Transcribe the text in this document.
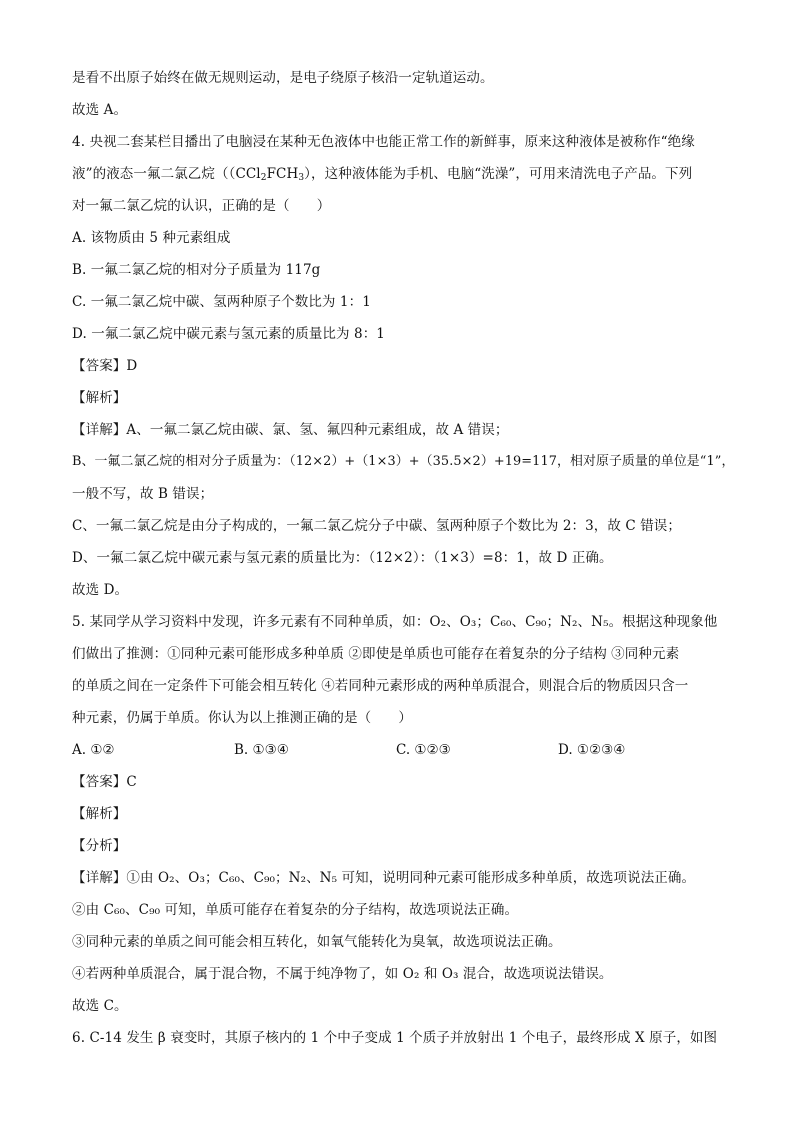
是看不出原子始终在做无规则运动，是电子绕原子核沿一定轨道运动。
故选 A。
4. 央视二套某栏目播出了电脑浸在某种无色液体中也能正常工作的新鲜事，原来这种液体是被称作“绝缘
液”的液态一氟二氯乙烷（$(CCl_2FCH_3)$，这种液体能为手机、电脑“洗澡”，可用来清洗电子产品。下列
对一氟二氯乙烷的认识，正确的是（　　）
A. 该物质由 5 种元素组成
B. 一氟二氯乙烷的相对分子质量为 117g
C. 一氟二氯乙烷中碳、氢两种原子个数比为 1：1
D. 一氟二氯乙烷中碳元素与氢元素的质量比为 8：1
【答案】D
【解析】
【详解】A、一氟二氯乙烷由碳、氯、氢、氟四种元素组成，故 A 错误；
B、一氟二氯乙烷的相对分子质量为：（12×2）+（1×3）+（35.5×2）+19=117，相对原子质量的单位是“1”，
一般不写，故 B 错误；
C、一氟二氯乙烷是由分子构成的，一氟二氯乙烷分子中碳、氢两种原子个数比为 2：3，故 C 错误；
D、一氟二氯乙烷中碳元素与氢元素的质量比为：（12×2）：（1×3）=8：1，故 D 正确。
故选 D。
5. 某同学从学习资料中发现，许多元素有不同种单质，如：O₂、O₃；C₆₀、C₉₀；N₂、N₅。根据这种现象他
们做出了推测：①同种元素可能形成多种单质 ②即使是单质也可能存在着复杂的分子结构 ③同种元素
的单质之间在一定条件下可能会相互转化 ④若同种元素形成的两种单质混合，则混合后的物质因只含一
种元素，仍属于单质。你认为以上推测正确的是（　　）
A. ①②	B. ①③④	C. ①②③	D. ①②③④
【答案】C
【解析】
【分析】
【详解】①由 O₂、O₃；C₆₀、C₉₀；N₂、N₅ 可知，说明同种元素可能形成多种单质，故选项说法正确。
②由 C₆₀、C₉₀ 可知，单质可能存在着复杂的分子结构，故选项说法正确。
③同种元素的单质之间可能会相互转化，如氧气能转化为臭氧，故选项说法正确。
④若两种单质混合，属于混合物，不属于纯净物了，如 O₂ 和 O₃ 混合，故选项说法错误。
故选 C。
6. C-14 发生 β 衰变时，其原子核内的 1 个中子变成 1 个质子并放射出 1 个电子，最终形成 X 原子，如图
